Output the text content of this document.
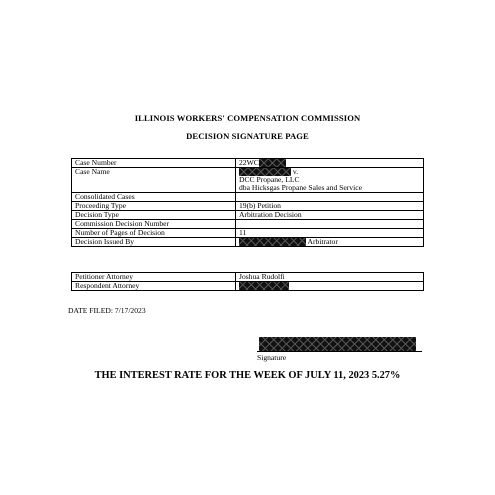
ILLINOIS WORKERS' COMPENSATION COMMISSION
DECISION SIGNATURE PAGE
Case Number	22WC
Case Name	v.
DCC Propane, LLC
dba Hicksgas Propane Sales and Service

Consolidated Cases	
Proceeding Type	19(b) Petition
Decision Type	Arbitration Decision
Commission Decision Number	
Number of Pages of Decision	11
Decision Issued By	Arbitrator
Petitioner Attorney	Joshua Rudolfi
Respondent Attorney	
DATE FILED: 7/17/2023
Signature
THE INTEREST RATE FOR THE WEEK OF JULY 11, 2023 5.27%
